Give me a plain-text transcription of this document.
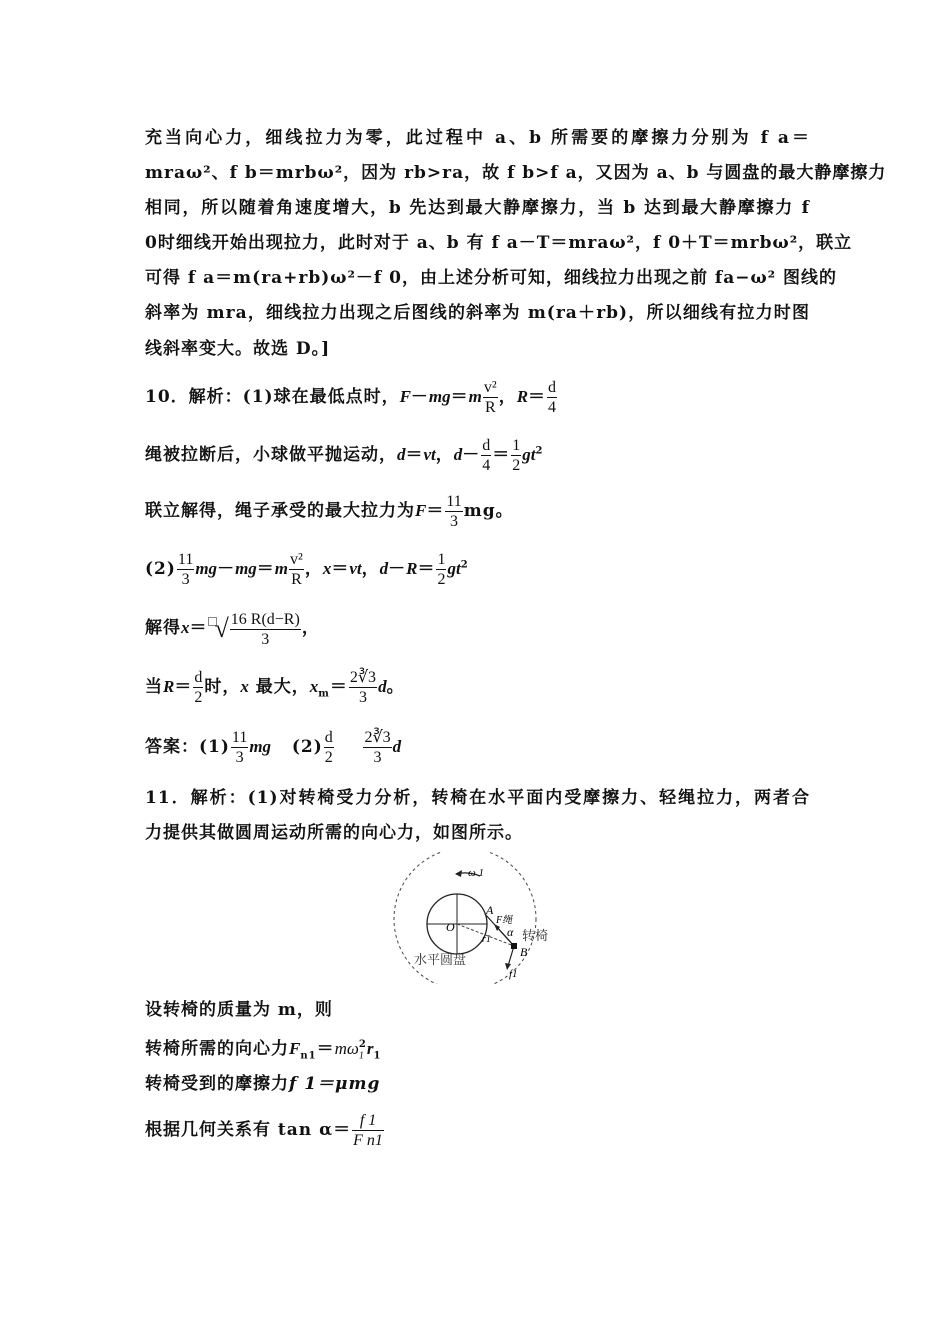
充当向心力，细线拉力为零，此过程中 a、b 所需要的摩擦力分别为 f a＝
mraω²、f b＝mrbω²，因为 rb>ra，故 f b>f a，又因为 a、b 与圆盘的最大静摩擦力
相同，所以随着角速度增大，b 先达到最大静摩擦力，当 b 达到最大静摩擦力 f
0时细线开始出现拉力，此时对于 a、b 有 f a－T＝mraω²，f 0＋T＝mrbω²，联立
可得 f a＝m(ra+rb)ω²－f 0，由上述分析可知，细线拉力出现之前 fa−ω² 图线的
斜率为 mra，细线拉力出现之后图线的斜率为 m(ra＋rb)，所以细线有拉力时图
线斜率变大。故选 D。]
10．解析：(1)球在最低点时，$F-mg=m \frac{\text{v²}}{R}$ ，$R= \frac{d}{4}$
绳被拉断后，小球做平抛运动，d＝vt，$d- \frac{d}{4} = \frac{1}{2} gt^2$
联立解得，绳子承受的最大拉力为$F= \frac{11}{3}$ mg。
$(2) \frac{11}{3} mg-mg=m \frac{\text{v²}}{R}$ ，x＝vt，$d-R= \frac{1}{2} gt^2$
解得x＝ √ $\frac{16 R(d-R)}{3}$ ，
当$R= \frac{d}{2}$ 时，x 最大，$x_m= \frac{2∛3}{3}$ d。
答案：$(1) \frac{11}{3}$ mg $(2) \frac{d}{2}$
$\frac{2∛3}{3}$ d
11．解析：(1)对转椅受力分析，转椅在水平面内受摩擦力、轻绳拉力，两者合
力提供其做圆周运动所需的向心力，如图所示。
ω 1
O
A
F绳
α
r1 转椅
B
f1
水平圆盘
设转椅的质量为 m，则
转椅所需的向心力$F_{n1}=m\omega_1^2r_1$
转椅受到的摩擦力f 1＝μmg
根据几何关系有 $\tan \alpha= \frac{f 1}{\text{F n1}}$
